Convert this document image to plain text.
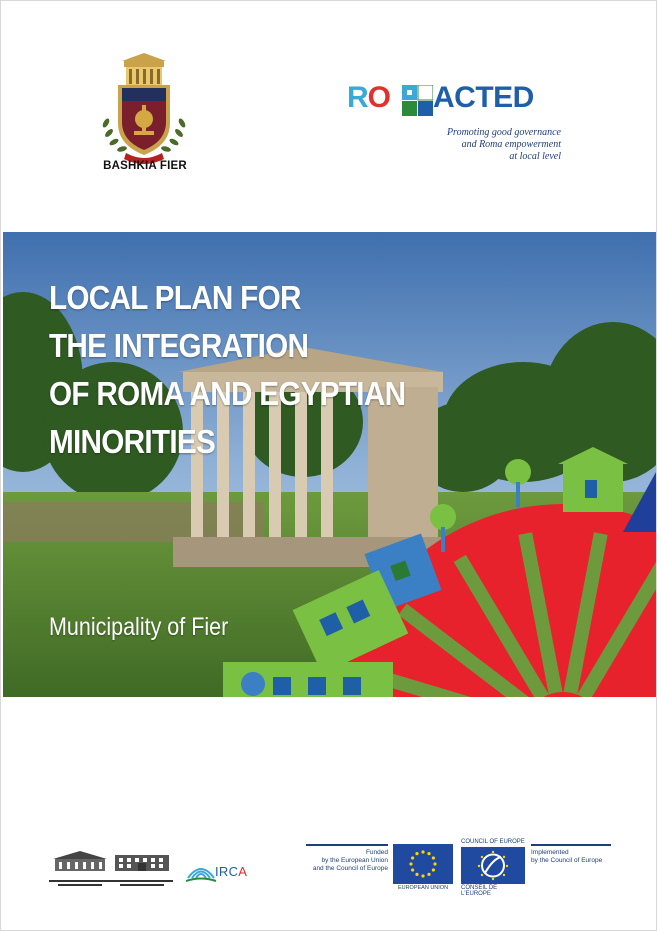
BASHKIA FIER
RO ACTED
Promoting good governance
and Roma empowerment
at local level
LOCAL PLAN FOR
THE INTEGRATION
OF ROMA AND EGYPTIAN
MINORITIES
Municipality of Fier
IRCA
Funded
by the European Union
and the Council of Europe
EUROPEAN UNION
COUNCIL OF EUROPE
CONSEIL DE L'EUROPE
Implemented
by the Council of Europe
